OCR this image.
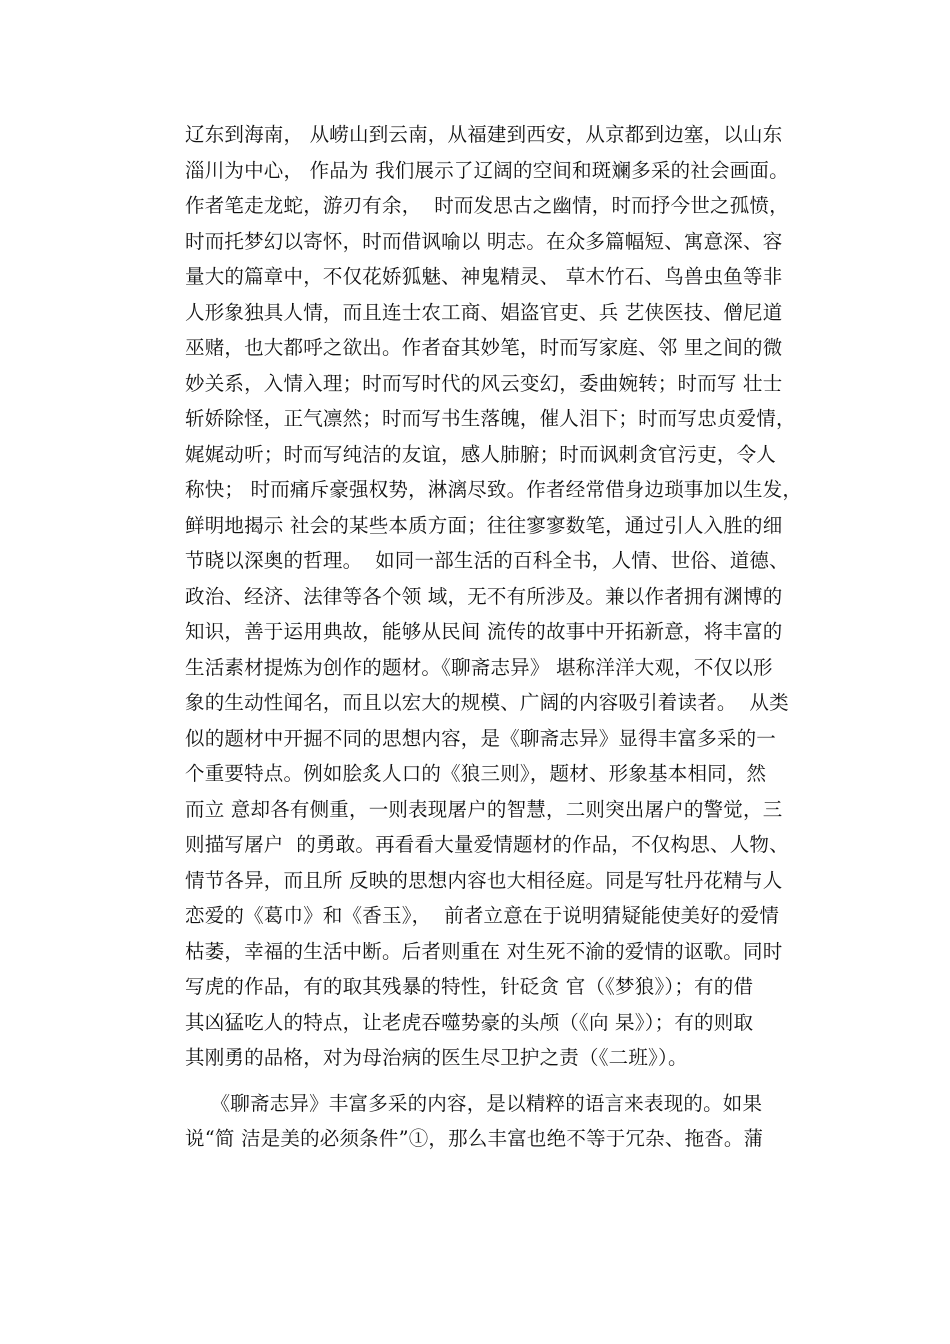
辽东到海南， 从崂山到云南，从福建到西安，从京都到边塞，以山东
淄川为中心， 作品为 我们展示了辽阔的空间和斑斓多采的社会画面。
作者笔走龙蛇，游刃有余，  时而发思古之幽情，时而抒今世之孤愤，
时而托梦幻以寄怀，时而借讽喻以 明志。在众多篇幅短、寓意深、容
量大的篇章中，不仅花娇狐魅、神鬼精灵、 草木竹石、鸟兽虫鱼等非
人形象独具人情，而且连士农工商、娼盗官吏、兵 艺侠医技、僧尼道
巫赌，也大都呼之欲出。作者奋其妙笔，时而写家庭、邻 里之间的微
妙关系，入情入理；时而写时代的风云变幻，委曲婉转；时而写 壮士
斩娇除怪，正气凛然；时而写书生落魄，催人泪下；时而写忠贞爱情，
娓娓动听；时而写纯洁的友谊，感人肺腑；时而讽刺贪官污吏，令人
称快； 时而痛斥豪强权势，淋漓尽致。作者经常借身边琐事加以生发，
鲜明地揭示 社会的某些本质方面；往往寥寥数笔，通过引人入胜的细
节晓以深奥的哲理。  如同一部生活的百科全书，人情、世俗、道德、
政治、经济、法律等各个领 域，无不有所涉及。兼以作者拥有渊博的
知识，善于运用典故，能够从民间 流传的故事中开拓新意，将丰富的
生活素材提炼为创作的题材。《聊斋志异》 堪称洋洋大观，不仅以形
象的生动性闻名，而且以宏大的规模、广阔的内容吸引着读者。  从类
似的题材中开掘不同的思想内容，是《聊斋志异》显得丰富多采的一
个重要特点。例如脍炙人口的《狼三则》，题材、形象基本相同，然
而立 意却各有侧重，一则表现屠户的智慧，二则突出屠户的警觉，三
则描写屠户  的勇敢。再看看大量爱情题材的作品，不仅构思、人物、
情节各异，而且所 反映的思想内容也大相径庭。同是写牡丹花精与人
恋爱的《葛巾》和《香玉》，  前者立意在于说明猜疑能使美好的爱情
枯萎，幸福的生活中断。后者则重在 对生死不渝的爱情的讴歌。同时
写虎的作品，有的取其残暴的特性，针砭贪 官（《梦狼》）；有的借
其凶猛吃人的特点，让老虎吞噬势豪的头颅（《向 杲》）；有的则取
其刚勇的品格，对为母治病的医生尽卫护之责（《二班》）。
《聊斋志异》丰富多采的内容，是以精粹的语言来表现的。如果
说“简 洁是美的必须条件”①，那么丰富也绝不等于冗杂、拖沓。蒲
